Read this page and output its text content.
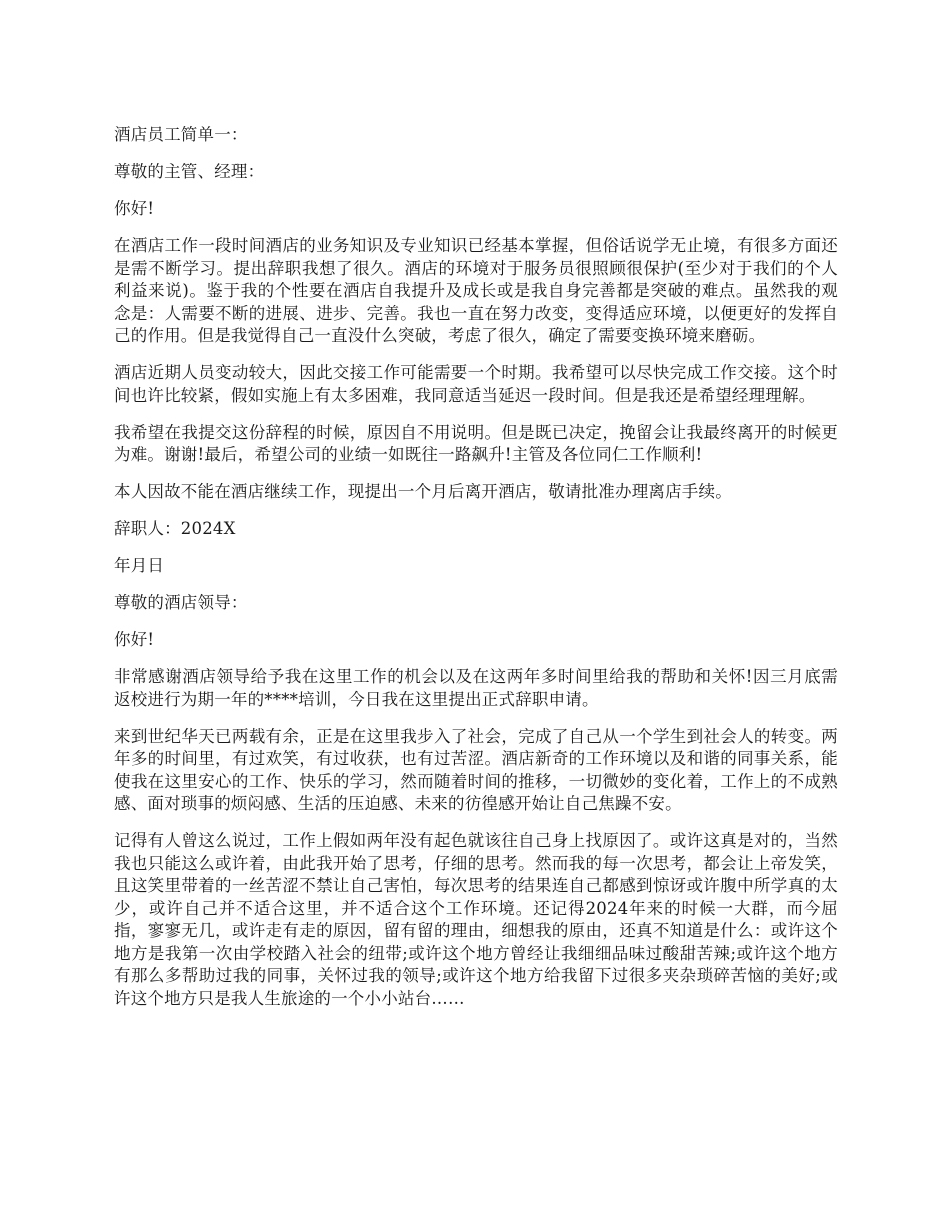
酒店员工简单一：

尊敬的主管、经理：

你好!

在酒店工作一段时间酒店的业务知识及专业知识已经基本掌握，但俗话说学无止境，有很多方面还是需不断学习。提出辞职我想了很久。酒店的环境对于服务员很照顾很保护(至少对于我们的个人利益来说)。鉴于我的个性要在酒店自我提升及成长或是我自身完善都是突破的难点。虽然我的观念是：人需要不断的进展、进步、完善。我也一直在努力改变，变得适应环境，以便更好的发挥自己的作用。但是我觉得自己一直没什么突破，考虑了很久，确定了需要变换环境来磨砺。

酒店近期人员变动较大，因此交接工作可能需要一个时期。我希望可以尽快完成工作交接。这个时间也许比较紧，假如实施上有太多困难，我同意适当延迟一段时间。但是我还是希望经理理解。

我希望在我提交这份辞程的时候，原因自不用说明。但是既已决定，挽留会让我最终离开的时候更为难。谢谢!最后，希望公司的业绩一如既往一路飙升!主管及各位同仁工作顺利!

本人因故不能在酒店继续工作，现提出一个月后离开酒店，敬请批准办理离店手续。

辞职人：2024X

年月日

尊敬的酒店领导：

你好!

非常感谢酒店领导给予我在这里工作的机会以及在这两年多时间里给我的帮助和关怀!因三月底需返校进行为期一年的****培训，今日我在这里提出正式辞职申请。

来到世纪华天已两载有余，正是在这里我步入了社会，完成了自己从一个学生到社会人的转变。两年多的时间里，有过欢笑，有过收获，也有过苦涩。酒店新奇的工作环境以及和谐的同事关系，能使我在这里安心的工作、快乐的学习，然而随着时间的推移，一切微妙的变化着，工作上的不成熟感、面对琐事的烦闷感、生活的压迫感、未来的彷徨感开始让自己焦躁不安。

记得有人曾这么说过，工作上假如两年没有起色就该往自己身上找原因了。或许这真是对的，当然我也只能这么或许着，由此我开始了思考，仔细的思考。然而我的每一次思考，都会让上帝发笑，且这笑里带着的一丝苦涩不禁让自己害怕，每次思考的结果连自己都感到惊讶或许腹中所学真的太少，或许自己并不适合这里，并不适合这个工作环境。还记得2024年来的时候一大群，而今屈指，寥寥无几，或许走有走的原因，留有留的理由，细想我的原由，还真不知道是什么：或许这个地方是我第一次由学校踏入社会的纽带;或许这个地方曾经让我细细品味过酸甜苦辣;或许这个地方有那么多帮助过我的同事，关怀过我的领导;或许这个地方给我留下过很多夹杂琐碎苦恼的美好;或许这个地方只是我人生旅途的一个小小站台……
